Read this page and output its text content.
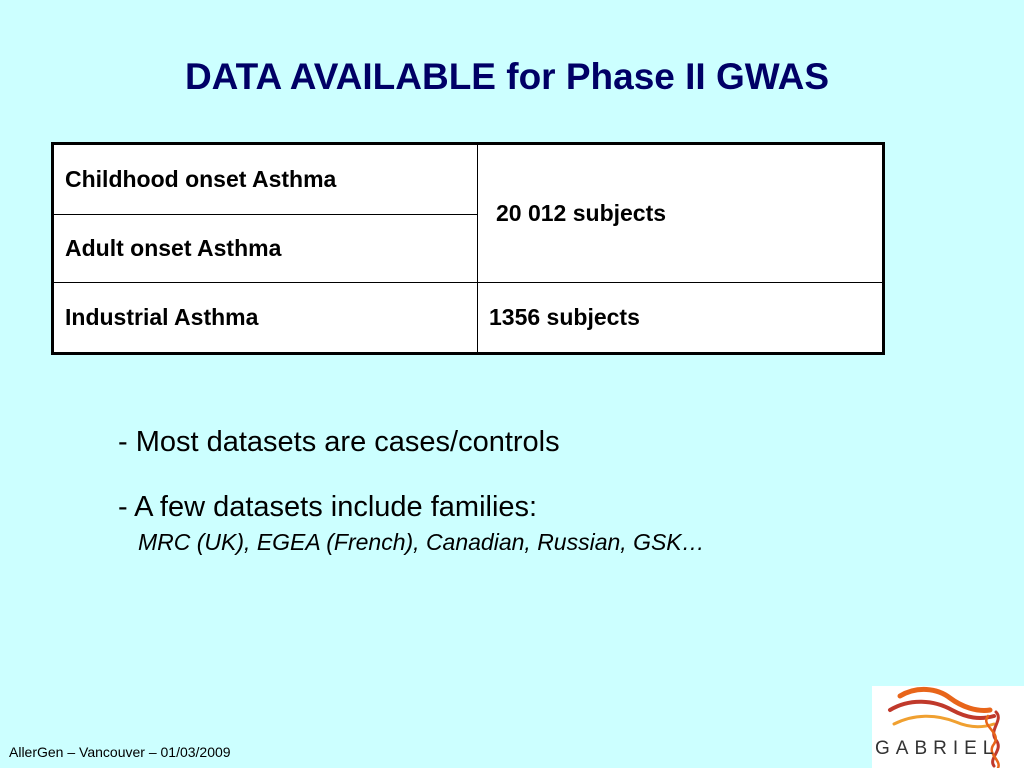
DATA AVAILABLE for Phase II GWAS
Childhood onset Asthma	20 012 subjects
Adult onset Asthma	
Industrial Asthma	1356 subjects
- Most datasets are cases/controls
- A few datasets include families:
MRC (UK), EGEA (French), Canadian, Russian, GSK…
AllerGen – Vancouver – 01/03/2009	GABRIEL
